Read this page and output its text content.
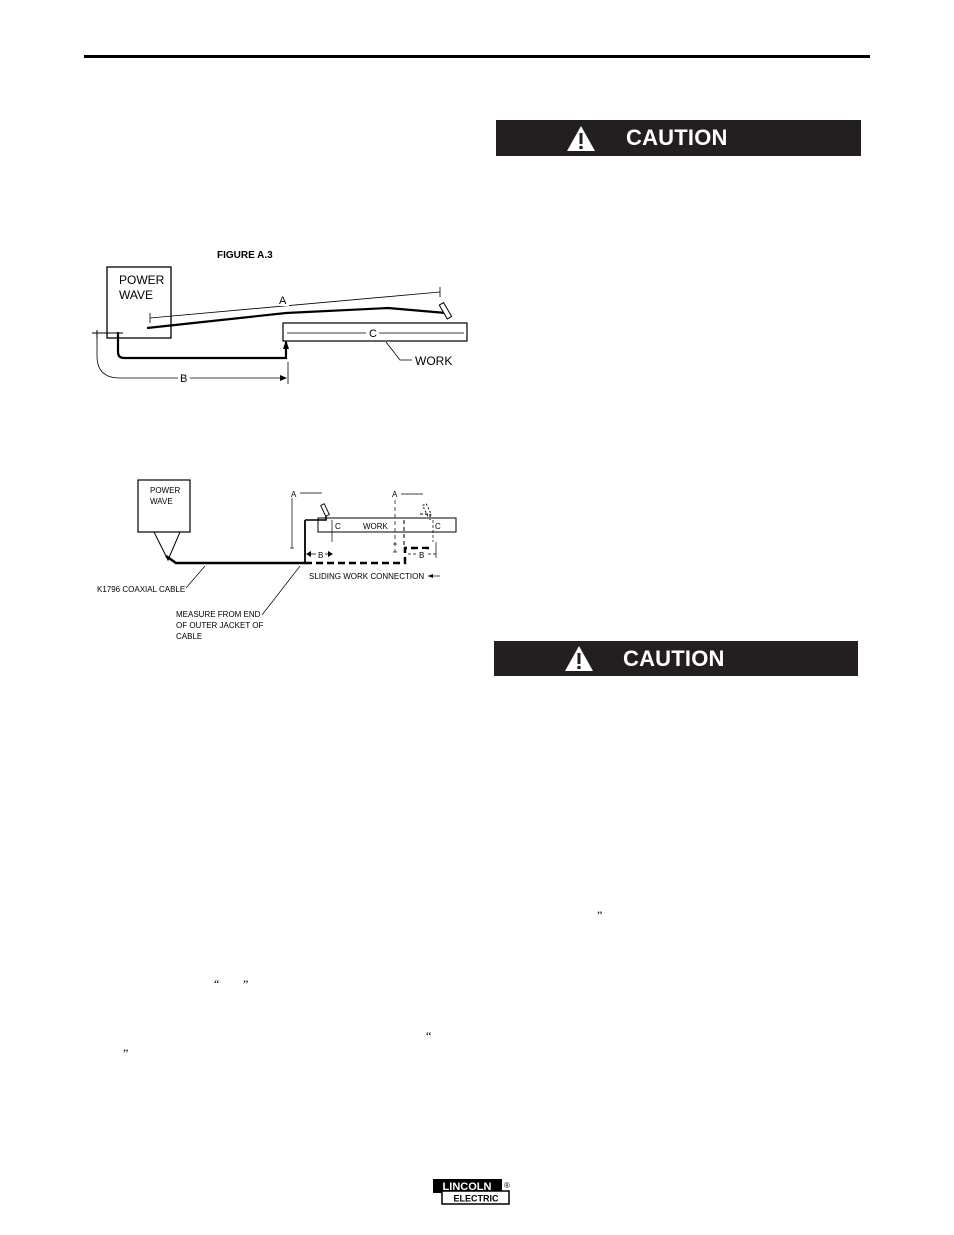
CAUTION
CAUTION
FIGURE A.3
POWER
WAVE	A
C
B
WORK
POWER
WAVE
WORK
A	A
C	C
B	B
K1796 COAXIAL CABLE
SLIDING WORK CONNECTION
MEASURE FROM END
OF OUTER JACKET OF
CABLE
“ ”
“
”
”
LINCOLN
ELECTRIC
®
